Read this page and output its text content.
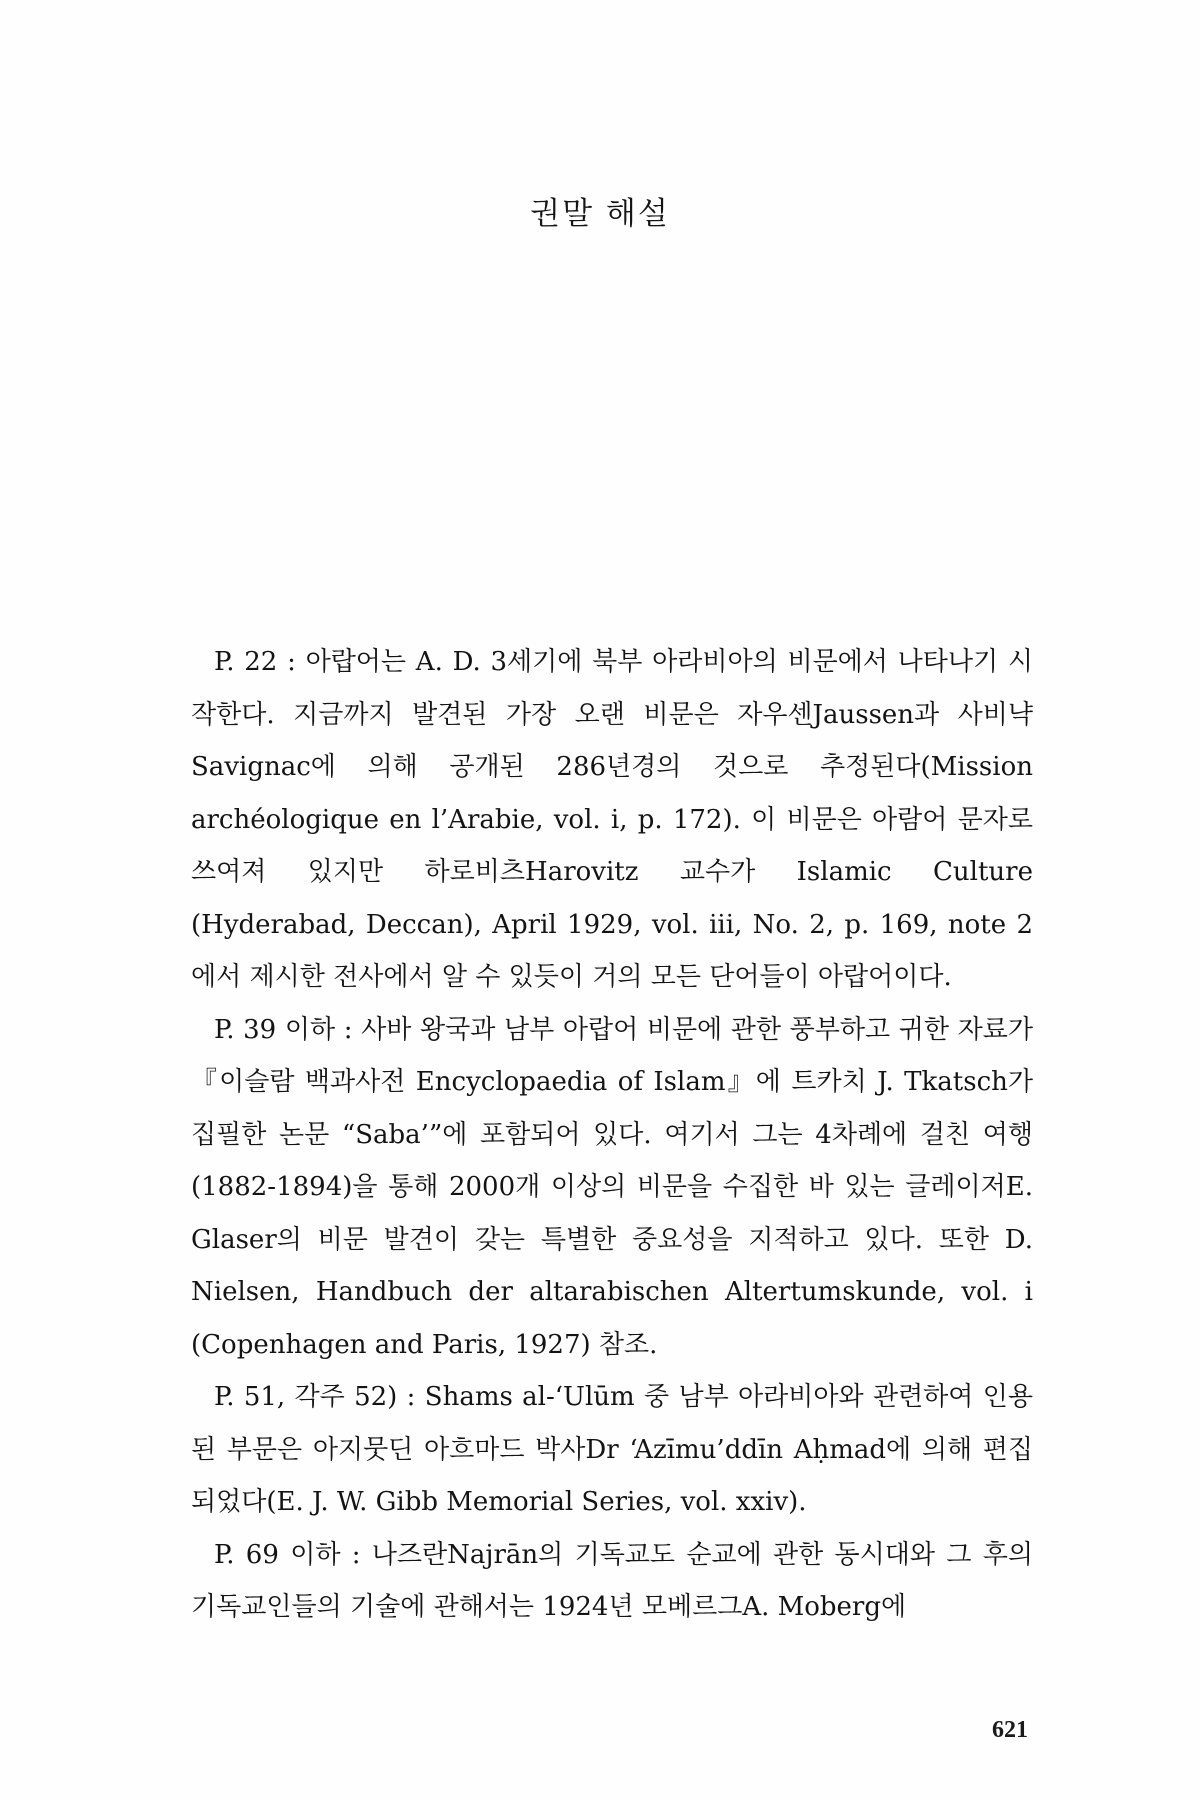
권말 해설

P. 22 : 아랍어는 A. D. 3세기에 북부 아라비아의 비문에서 나타나기 시작한다. 지금까지 발견된 가장 오랜 비문은 자우센Jaussen과 사비냑Savignac에 의해 공개된 286년경의 것으로 추정된다(Mission archéologique en l’Arabie, vol. i, p. 172). 이 비문은 아람어 문자로 쓰여져 있지만 하로비츠Harovitz 교수가 Islamic Culture (Hyderabad, Deccan), April 1929, vol. iii, No. 2, p. 169, note 2에서 제시한 전사에서 알 수 있듯이 거의 모든 단어들이 아랍어이다.

P. 39 이하 : 사바 왕국과 남부 아랍어 비문에 관한 풍부하고 귀한 자료가 『이슬람 백과사전 Encyclopaedia of Islam』에 트카치 J. Tkatsch가 집필한 논문 “Saba’”에 포함되어 있다. 여기서 그는 4차례에 걸친 여행(1882-1894)을 통해 2000개 이상의 비문을 수집한 바 있는 글레이저E. Glaser의 비문 발견이 갖는 특별한 중요성을 지적하고 있다. 또한 D. Nielsen, Handbuch der altarabischen Altertumskunde, vol. i (Copenhagen and Paris, 1927) 참조.

P. 51, 각주 52) : Shams al-‘Ulūm 중 남부 아라비아와 관련하여 인용된 부문은 아지뭇딘 아흐마드 박사Dr ‘Azīmu’ddīn Aḥmad에 의해 편집되었다(E. J. W. Gibb Memorial Series, vol. xxiv).

P. 69 이하 : 나즈란Najrān의 기독교도 순교에 관한 동시대와 그 후의 기독교인들의 기술에 관해서는 1924년 모베르그A. Moberg에

621
